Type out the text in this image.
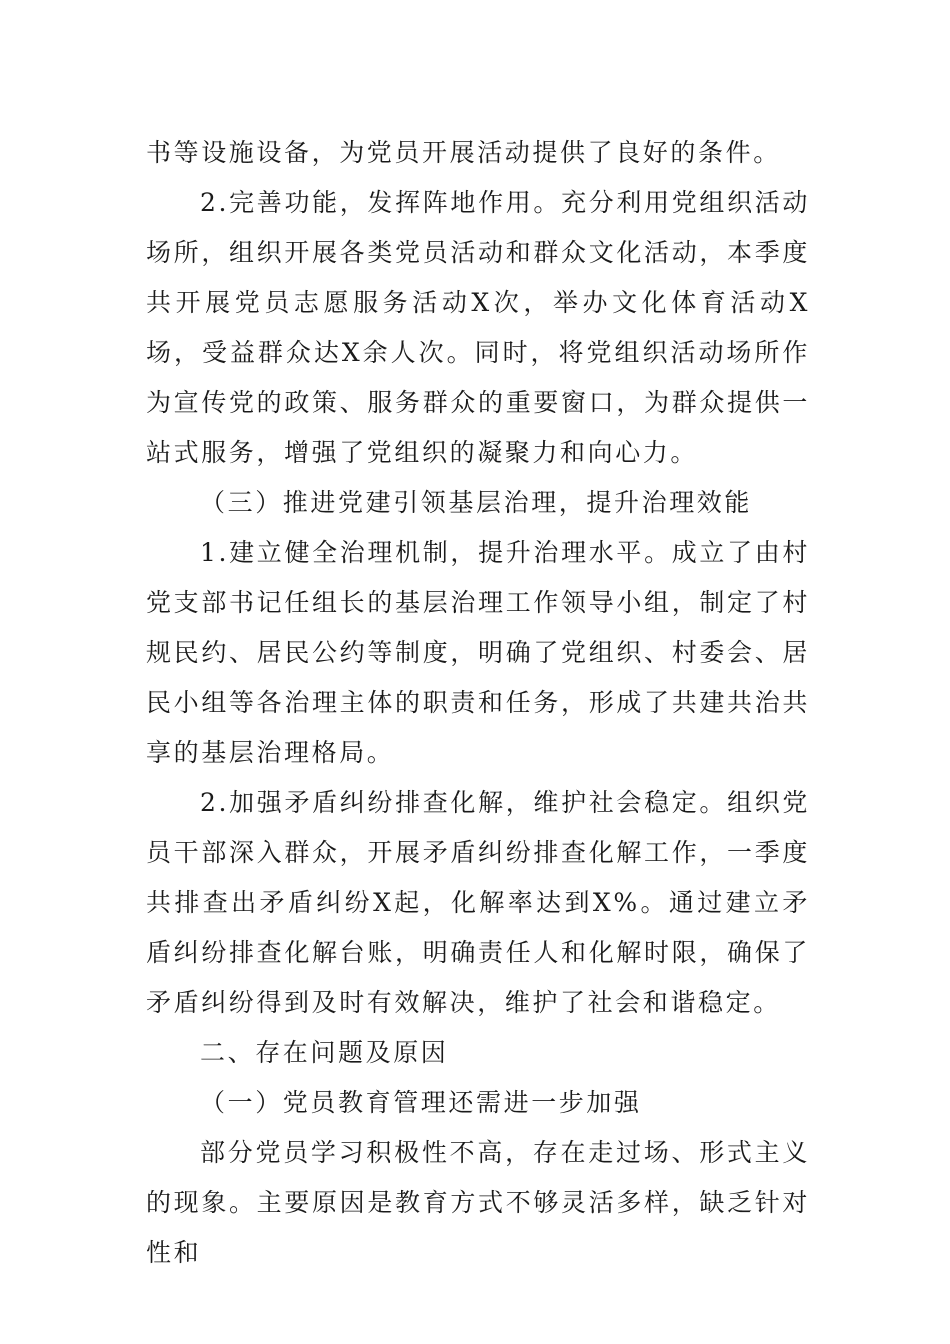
书等设施设备，为党员开展活动提供了良好的条件。

2.完善功能，发挥阵地作用。充分利用党组织活动场所，组织开展各类党员活动和群众文化活动，本季度共开展党员志愿服务活动X次，举办文化体育活动X场，受益群众达X余人次。同时，将党组织活动场所作为宣传党的政策、服务群众的重要窗口，为群众提供一站式服务，增强了党组织的凝聚力和向心力。

（三）推进党建引领基层治理，提升治理效能

1.建立健全治理机制，提升治理水平。成立了由村党支部书记任组长的基层治理工作领导小组，制定了村规民约、居民公约等制度，明确了党组织、村委会、居民小组等各治理主体的职责和任务，形成了共建共治共享的基层治理格局。

2.加强矛盾纠纷排查化解，维护社会稳定。组织党员干部深入群众，开展矛盾纠纷排查化解工作，一季度共排查出矛盾纠纷X起，化解率达到X%。通过建立矛盾纠纷排查化解台账，明确责任人和化解时限，确保了矛盾纠纷得到及时有效解决，维护了社会和谐稳定。

二、存在问题及原因

（一）党员教育管理还需进一步加强

部分党员学习积极性不高，存在走过场、形式主义的现象。主要原因是教育方式不够灵活多样，缺乏针对性和
